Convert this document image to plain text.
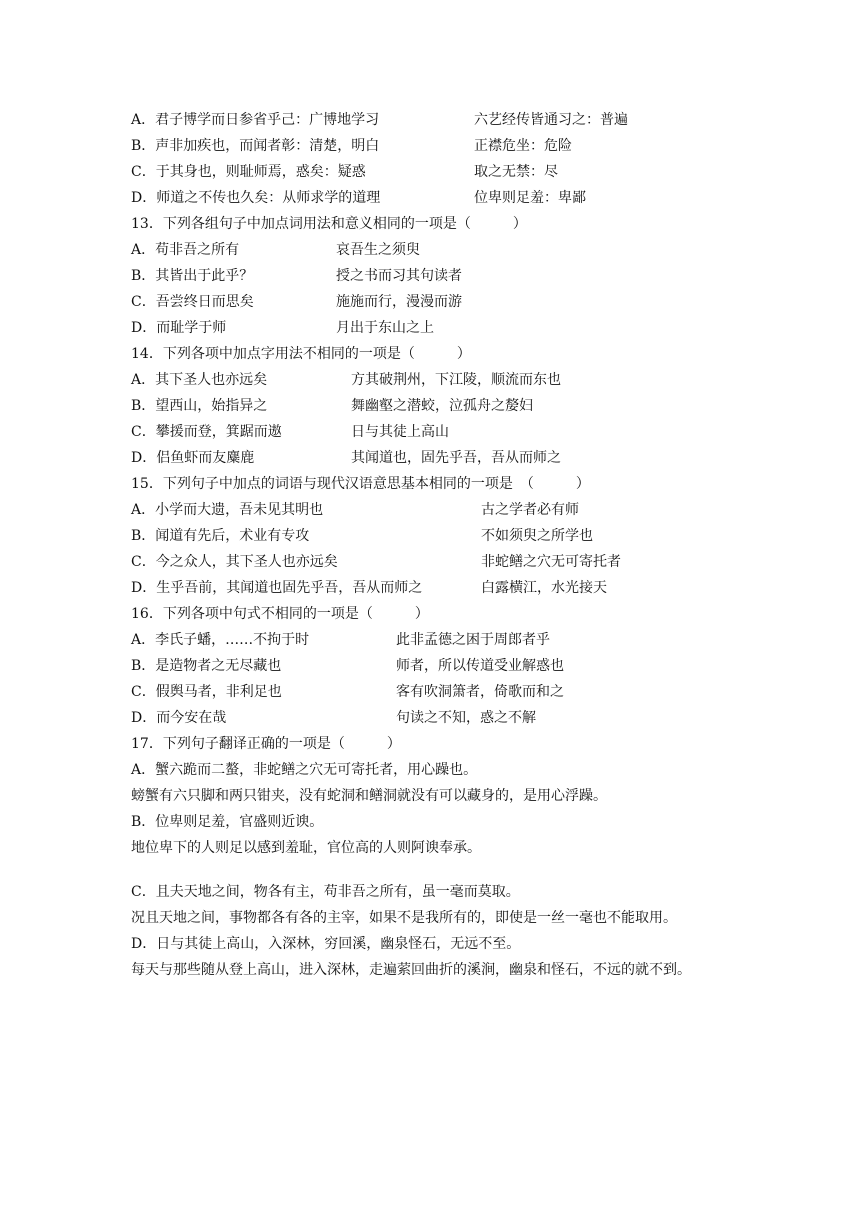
A．君子博学而日参省乎己：广博地学习	六艺经传皆通习之：普遍
B．声非加疾也，而闻者彰：清楚，明白	正襟危坐：危险
C．于其身也，则耻师焉，惑矣：疑惑	取之无禁：尽
D．师道之不传也久矣：从师求学的道理	位卑则足羞：卑鄙
13．下列各组句子中加点词用法和意义相同的一项是（　　　）
A．苟非吾之所有	哀吾生之须臾
B．其皆出于此乎？	授之书而习其句读者
C．吾尝终日而思矣	施施而行，漫漫而游
D．而耻学于师	月出于东山之上
14．下列各项中加点字用法不相同的一项是（　　　）
A．其下圣人也亦远矣	方其破荆州，下江陵，顺流而东也
B．望西山，始指异之	舞幽壑之潜蛟，泣孤舟之嫠妇
C．攀援而登，箕踞而遨	日与其徒上高山
D．侣鱼虾而友麋鹿	其闻道也，固先乎吾，吾从而师之
15．下列句子中加点的词语与现代汉语意思基本相同的一项是　（　　　）
A．小学而大遗，吾未见其明也	古之学者必有师
B．闻道有先后，术业有专攻	不如须臾之所学也
C．今之众人，其下圣人也亦远矣	非蛇鳝之穴无可寄托者
D．生乎吾前，其闻道也固先乎吾，吾从而师之	白露横江，水光接天
16．下列各项中句式不相同的一项是（　　　）
A．李氏子蟠，……不拘于时	此非孟德之困于周郎者乎
B．是造物者之无尽藏也	师者，所以传道受业解惑也
C．假舆马者，非利足也	客有吹洞箫者，倚歌而和之
D．而今安在哉	句读之不知，惑之不解
17．下列句子翻译正确的一项是（　　　）
A．蟹六跪而二螯，非蛇鳝之穴无可寄托者，用心躁也。
螃蟹有六只脚和两只钳夹，没有蛇洞和鳝洞就没有可以藏身的，是用心浮躁。
B．位卑则足羞，官盛则近谀。
地位卑下的人则足以感到羞耻，官位高的人则阿谀奉承。
C．且夫天地之间，物各有主，苟非吾之所有，虽一毫而莫取。
况且天地之间，事物都各有各的主宰，如果不是我所有的，即使是一丝一毫也不能取用。
D．日与其徒上高山，入深林，穷回溪，幽泉怪石，无远不至。
每天与那些随从登上高山，进入深林，走遍萦回曲折的溪涧，幽泉和怪石，不远的就不到。
